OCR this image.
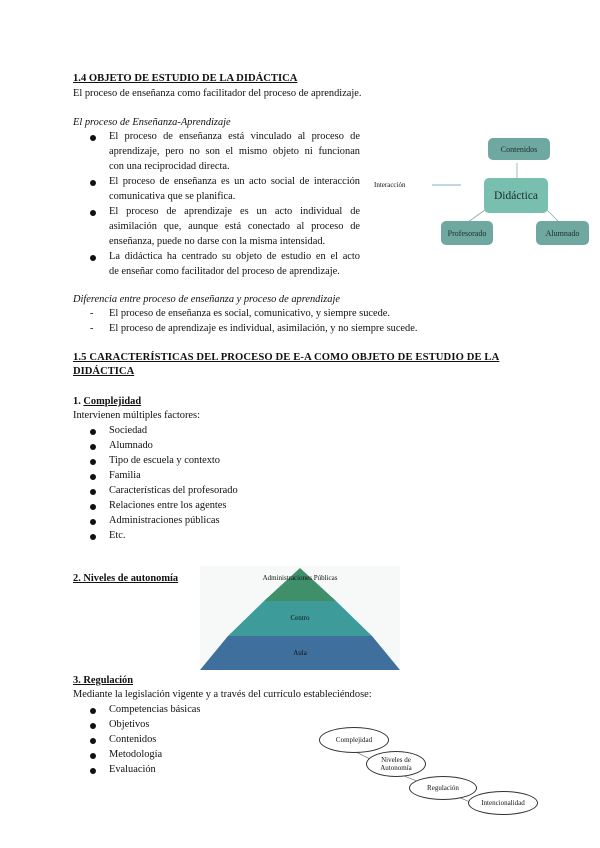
1.4 OBJETO DE ESTUDIO DE LA DIDÁCTICA
El proceso de enseñanza como facilitador del proceso de aprendizaje.
El proceso de Enseñanza-Aprendizaje
El proceso de enseñanza está vinculado al proceso de
aprendizaje, pero no son el mismo objeto ni funcionan
con una reciprocidad directa.
El proceso de enseñanza es un acto social de interacción
comunicativa que se planifica.
El proceso de aprendizaje es un acto individual de
asimilación que, aunque está conectado al proceso de
enseñanza, puede no darse con la misma intensidad.
La didáctica ha centrado su objeto de estudio en el acto
de enseñar como facilitador del proceso de aprendizaje.
Interacción
Contenidos
Didáctica
Profesorado	Alumnado
Diferencia entre proceso de enseñanza y proceso de aprendizaje
- El proceso de enseñanza es social, comunicativo, y siempre sucede.
- El proceso de aprendizaje es individual, asimilación, y no siempre sucede.
1.5 CARACTERÍSTICAS DEL PROCESO DE E-A COMO OBJETO DE ESTUDIO DE LA
DIDÁCTICA
1. Complejidad
Intervienen múltiples factores:
Sociedad
Alumnado
Tipo de escuela y contexto
Familia
Características del profesorado
Relaciones entre los agentes
Administraciones públicas
Etc.
2. Niveles de autonomía	Administraciones Públicas
Centro
Aula
3. Regulación
Mediante la legislación vigente y a través del currículo estableciéndose:
Competencias básicas
Objetivos
Contenidos
Metodología
Evaluación
Complejidad
Niveles de Autonomía
Regulación
Intencionalidad
